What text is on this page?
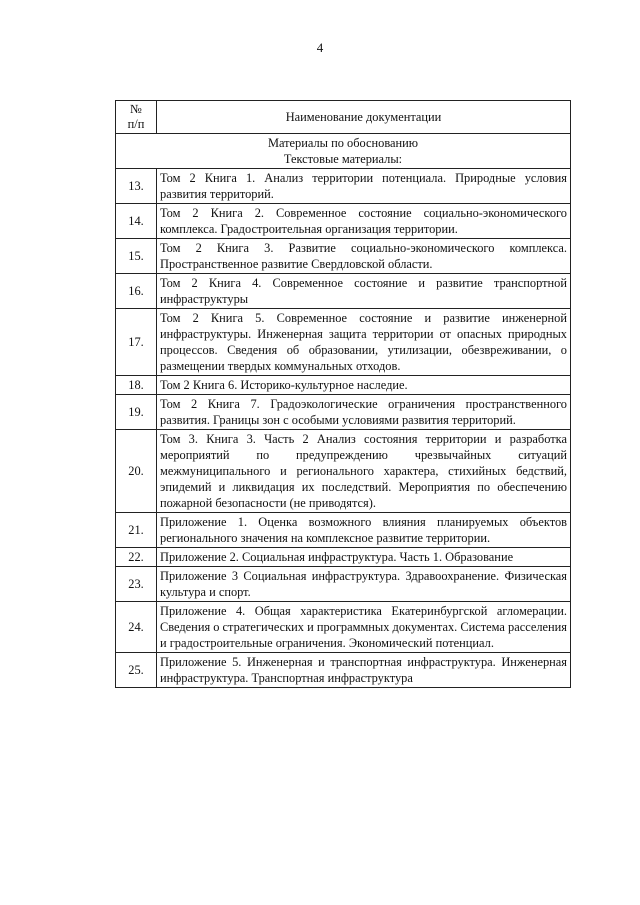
4
№
п/п	Наименование документации

Материалы по обоснованию
Текстовые материалы:	

13.	Том 2 Книга 1. Анализ территории потенциала. Природные условия развития территорий.
14.	Том 2 Книга 2. Современное состояние социально-экономического комплекса. Градостроительная организация территории.
15.	Том 2 Книга 3. Развитие социально-экономического комплекса. Пространственное развитие Свердловской области.
16.	Том 2 Книга 4. Современное состояние и развитие транспортной инфраструктуры
17.	Том 2 Книга 5. Современное состояние и развитие инженерной инфраструктуры. Инженерная защита территории от опасных природных процессов. Сведения об образовании, утилизации, обезвреживании, о размещении твердых коммунальных отходов.
18.	Том 2 Книга 6. Историко-культурное наследие.
19.	Том 2 Книга 7. Градоэкологические ограничения пространственного развития. Границы зон с особыми условиями развития территорий.
20.	Том 3. Книга 3. Часть 2 Анализ состояния территории и разработка мероприятий по предупреждению чрезвычайных ситуаций межмуниципального и регионального характера, стихийных бедствий, эпидемий и ликвидация их последствий. Мероприятия по обеспечению пожарной безопасности (не приводятся).
21.	Приложение 1. Оценка возможного влияния планируемых объектов регионального значения на комплексное развитие территории.
22.	Приложение 2. Социальная инфраструктура. Часть 1. Образование
23.	Приложение 3 Социальная инфраструктура. Здравоохранение. Физическая культура и спорт.
24.	Приложение 4. Общая характеристика Екатеринбургской агломерации. Сведения о стратегических и программных документах. Система расселения и градостроительные ограничения. Экономический потенциал.
25.	Приложение 5. Инженерная и транспортная инфраструктура. Инженерная инфраструктура. Транспортная инфраструктура
